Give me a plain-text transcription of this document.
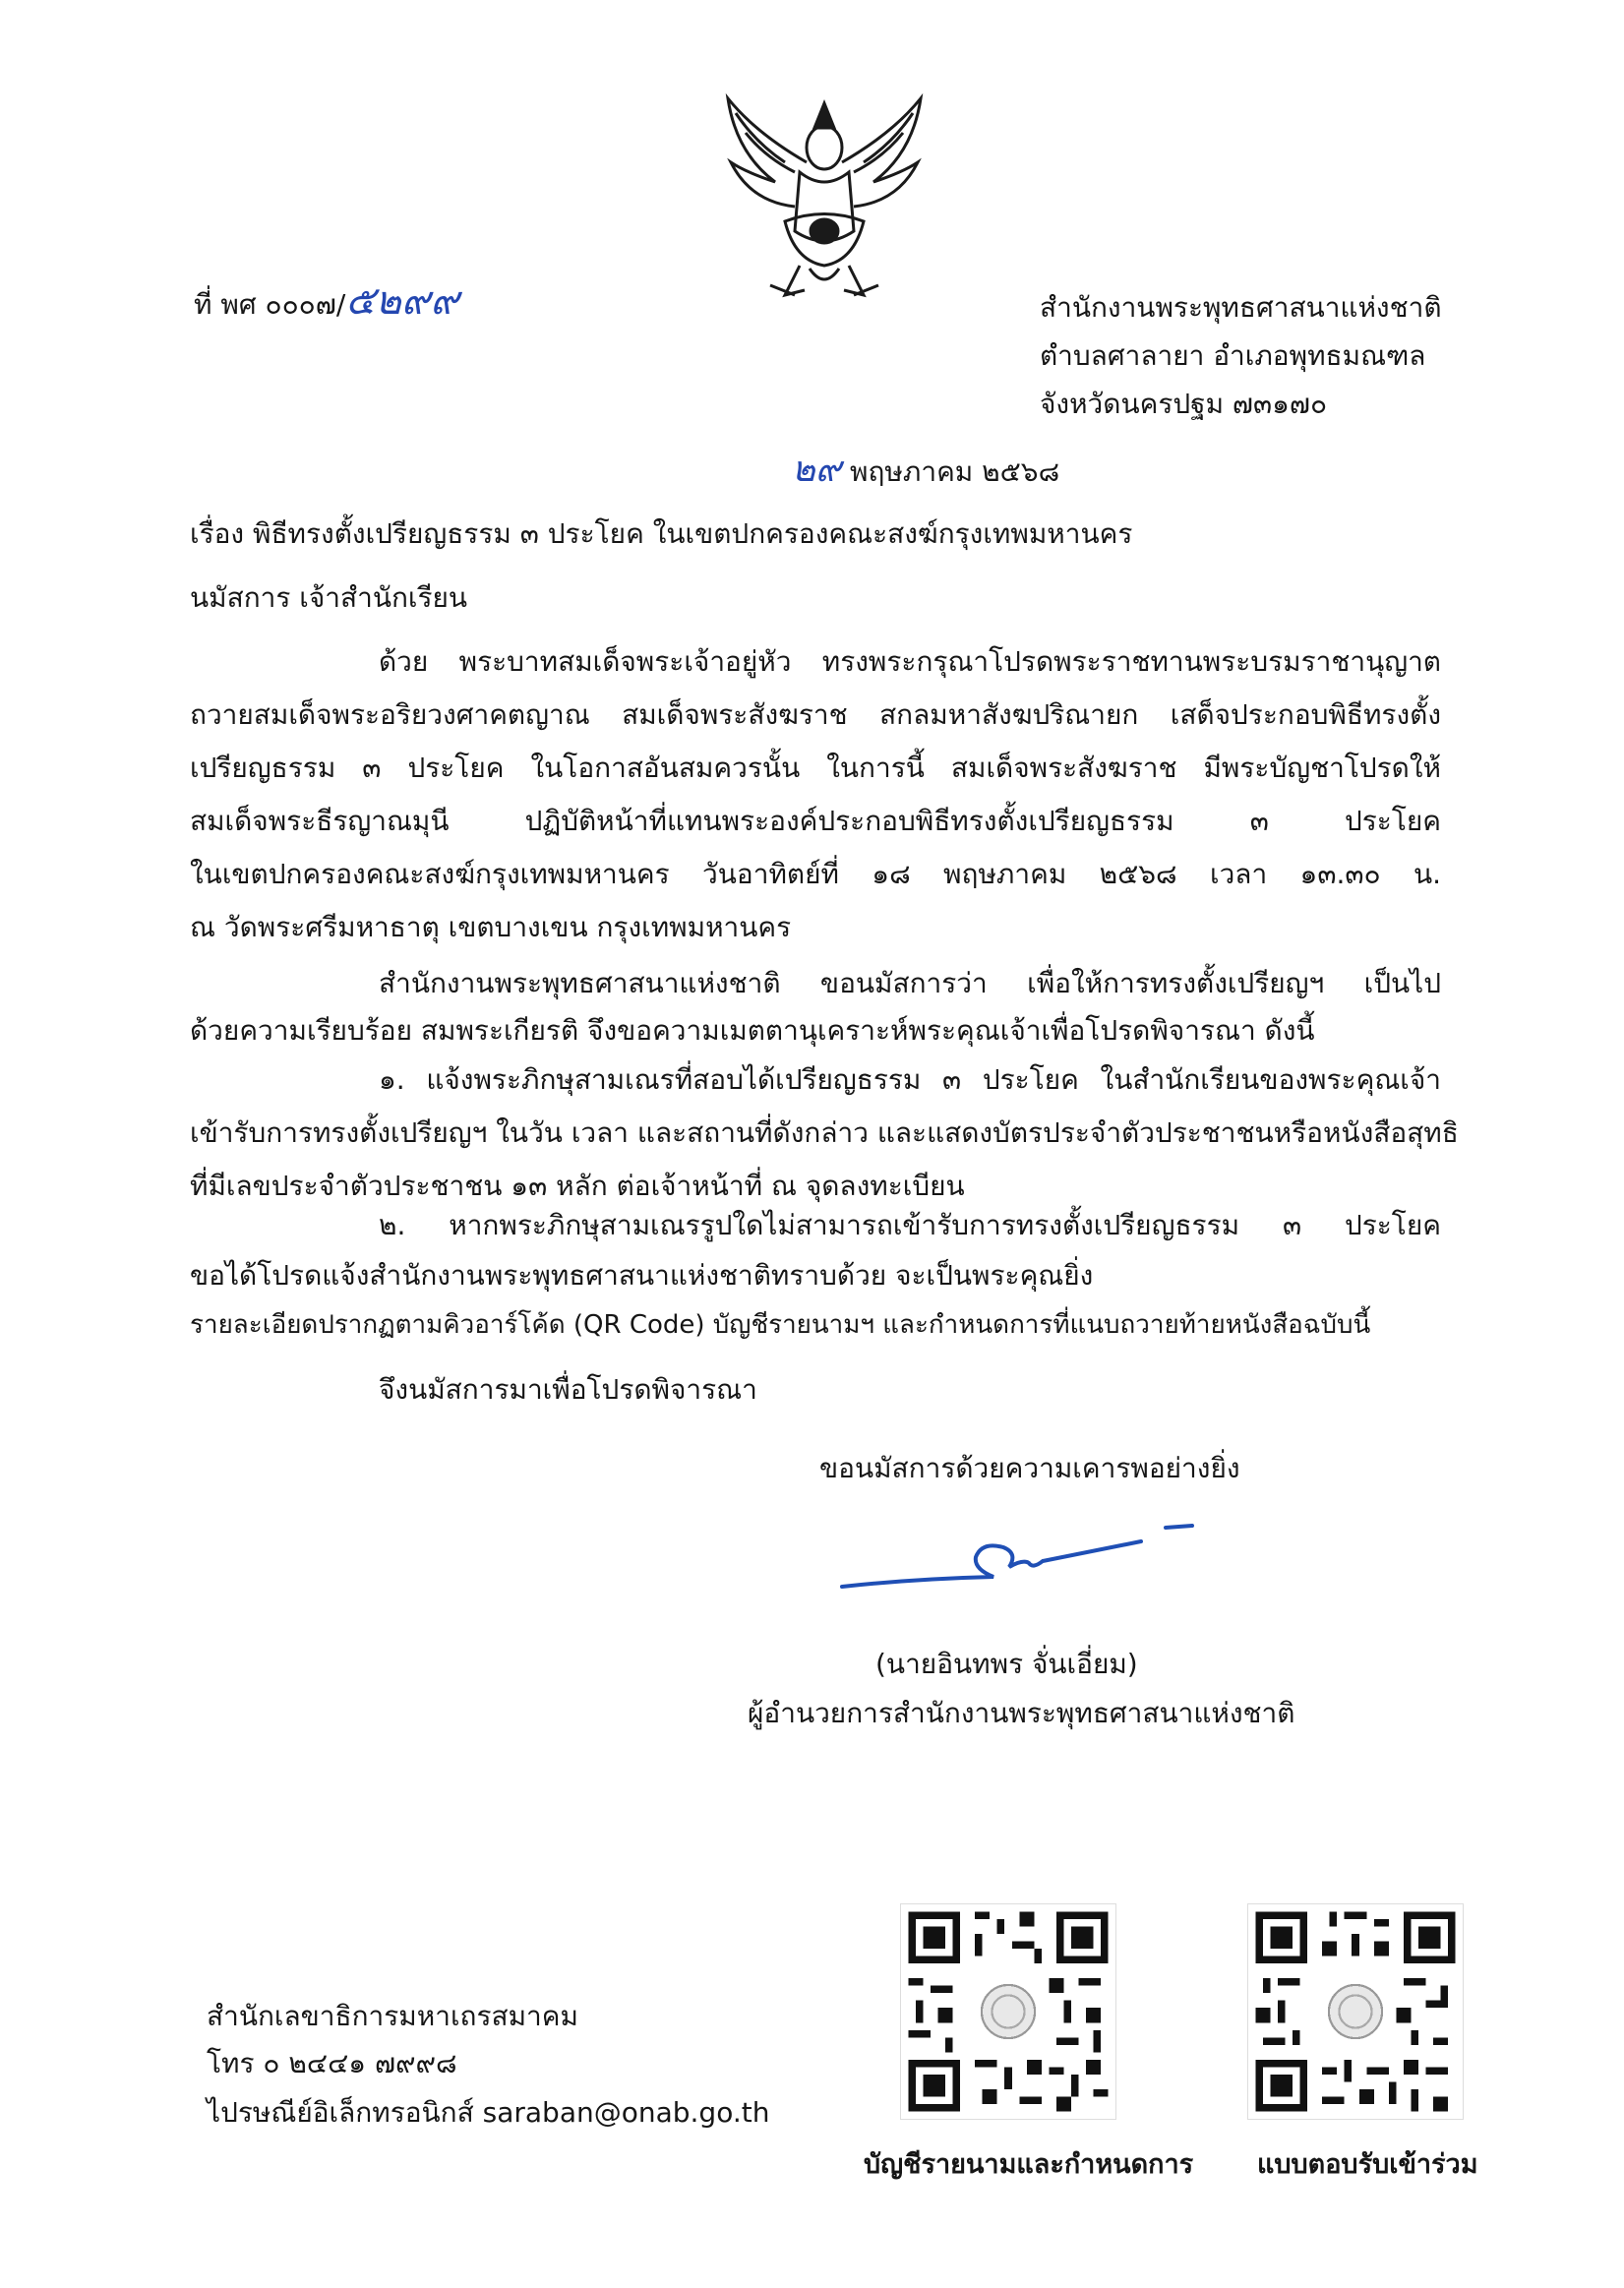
ที่ พศ ๐๐๐๗/๕๒๙๙	สำนักงานพระพุทธศาสนาแห่งชาติ
ตำบลศาลายา อำเภอพุทธมณฑล
จังหวัดนครปฐม ๗๓๑๗๐
๒๙ พฤษภาคม ๒๕๖๘
เรื่อง พิธีทรงตั้งเปรียญธรรม ๓ ประโยค ในเขตปกครองคณะสงฆ์กรุงเทพมหานคร
นมัสการ เจ้าสำนักเรียน
ด้วย พระบาทสมเด็จพระเจ้าอยู่หัว ทรงพระกรุณาโปรดพระราชทานพระบรมราชานุญาต
ถวายสมเด็จพระอริยวงศาคตญาณ สมเด็จพระสังฆราช สกลมหาสังฆปริณายก เสด็จประกอบพิธีทรงตั้ง
เปรียญธรรม ๓ ประโยค ในโอกาสอันสมควรนั้น ในการนี้ สมเด็จพระสังฆราช มีพระบัญชาโปรดให้
สมเด็จพระธีรญาณมุนี ปฏิบัติหน้าที่แทนพระองค์ประกอบพิธีทรงตั้งเปรียญธรรม ๓ ประโยค
ในเขตปกครองคณะสงฆ์กรุงเทพมหานคร วันอาทิตย์ที่ ๑๘ พฤษภาคม ๒๕๖๘ เวลา ๑๓.๓๐ น.
ณ วัดพระศรีมหาธาตุ เขตบางเขน กรุงเทพมหานคร
สำนักงานพระพุทธศาสนาแห่งชาติ ขอนมัสการว่า เพื่อให้การทรงตั้งเปรียญฯ เป็นไป
ด้วยความเรียบร้อย สมพระเกียรติ จึงขอความเมตตานุเคราะห์พระคุณเจ้าเพื่อโปรดพิจารณา ดังนี้
๑. แจ้งพระภิกษุสามเณรที่สอบได้เปรียญธรรม ๓ ประโยค ในสำนักเรียนของพระคุณเจ้า
เข้ารับการทรงตั้งเปรียญฯ ในวัน เวลา และสถานที่ดังกล่าว และแสดงบัตรประจำตัวประชาชนหรือหนังสือสุทธิ
ที่มีเลขประจำตัวประชาชน ๑๓ หลัก ต่อเจ้าหน้าที่ ณ จุดลงทะเบียน
๒. หากพระภิกษุสามเณรรูปใดไม่สามารถเข้ารับการทรงตั้งเปรียญธรรม ๓ ประโยค
ขอได้โปรดแจ้งสำนักงานพระพุทธศาสนาแห่งชาติทราบด้วย จะเป็นพระคุณยิ่ง
รายละเอียดปรากฏตามคิวอาร์โค้ด (QR Code) บัญชีรายนามฯ และกำหนดการที่แนบถวายท้ายหนังสือฉบับนี้
จึงนมัสการมาเพื่อโปรดพิจารณา
ขอนมัสการด้วยความเคารพอย่างยิ่ง
(นายอินทพร จั่นเอี่ยม)
ผู้อำนวยการสำนักงานพระพุทธศาสนาแห่งชาติ
สำนักเลขาธิการมหาเถรสมาคม
โทร ๐ ๒๔๔๑ ๗๙๙๘
ไปรษณีย์อิเล็กทรอนิกส์ saraban@onab.go.th
บัญชีรายนามและกำหนดการ แบบตอบรับเข้าร่วม
